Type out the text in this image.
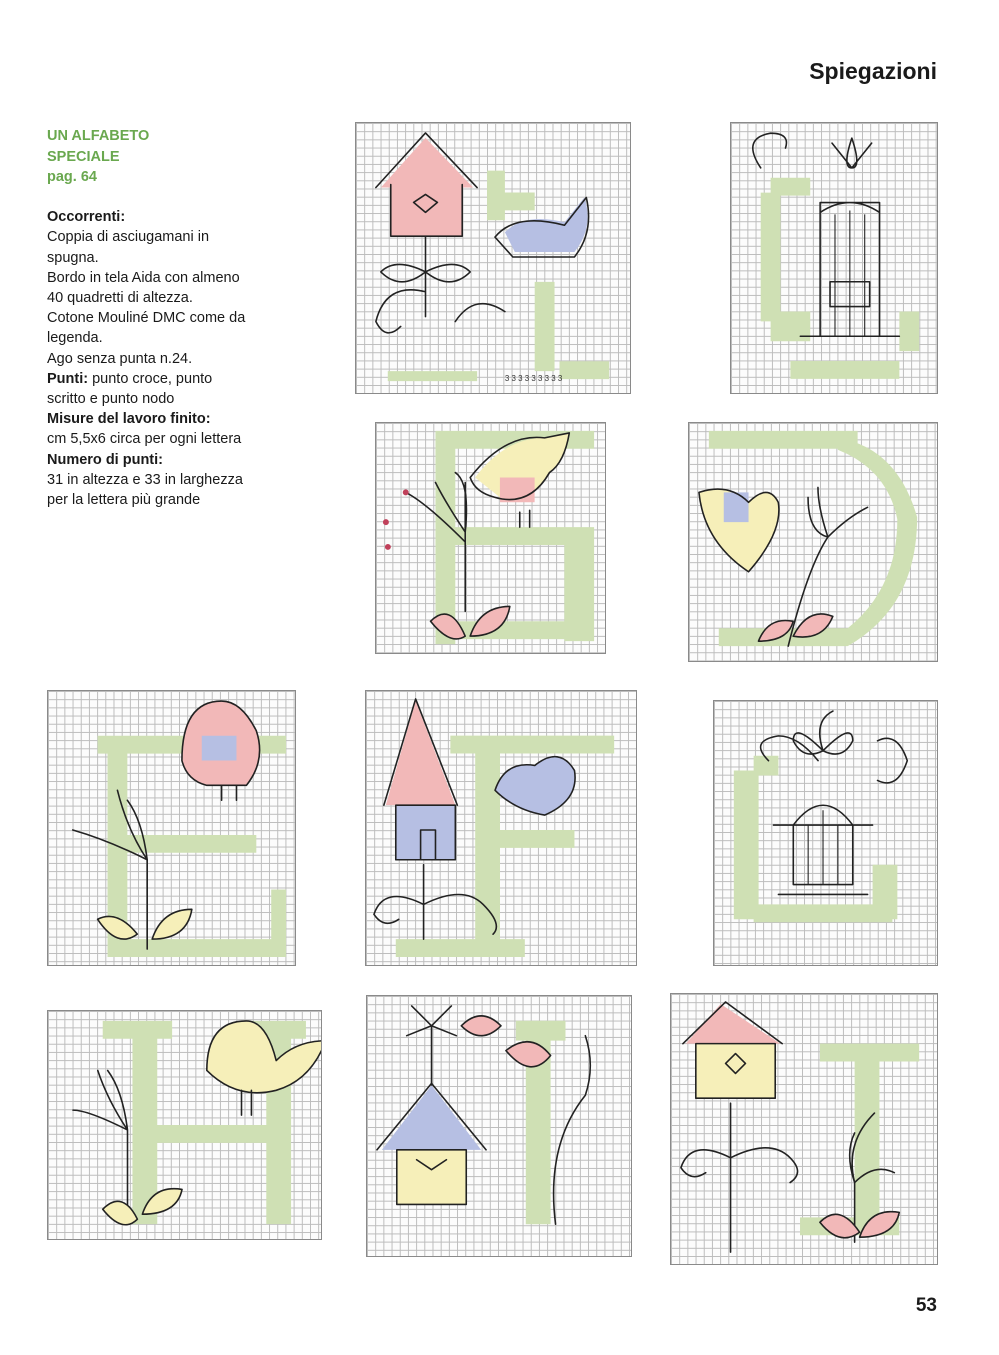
Spiegazioni
UN ALFABETO
SPECIALE
pag. 64

Occorrenti:

Coppia di asciugamani in

spugna.

Bordo in tela Aida con almeno

40 quadretti di altezza.

Cotone Mouliné DMC come da

legenda.

Ago senza punta n.24.

Punti: punto croce, punto

scritto e punto nodo

Misure del lavoro finito:

cm 5,5x6 circa per ogni lettera

Numero di punti:

31 in altezza e 33 in larghezza

per la lettera più grande

3 3 3 3 3 3 3 3 3
53
